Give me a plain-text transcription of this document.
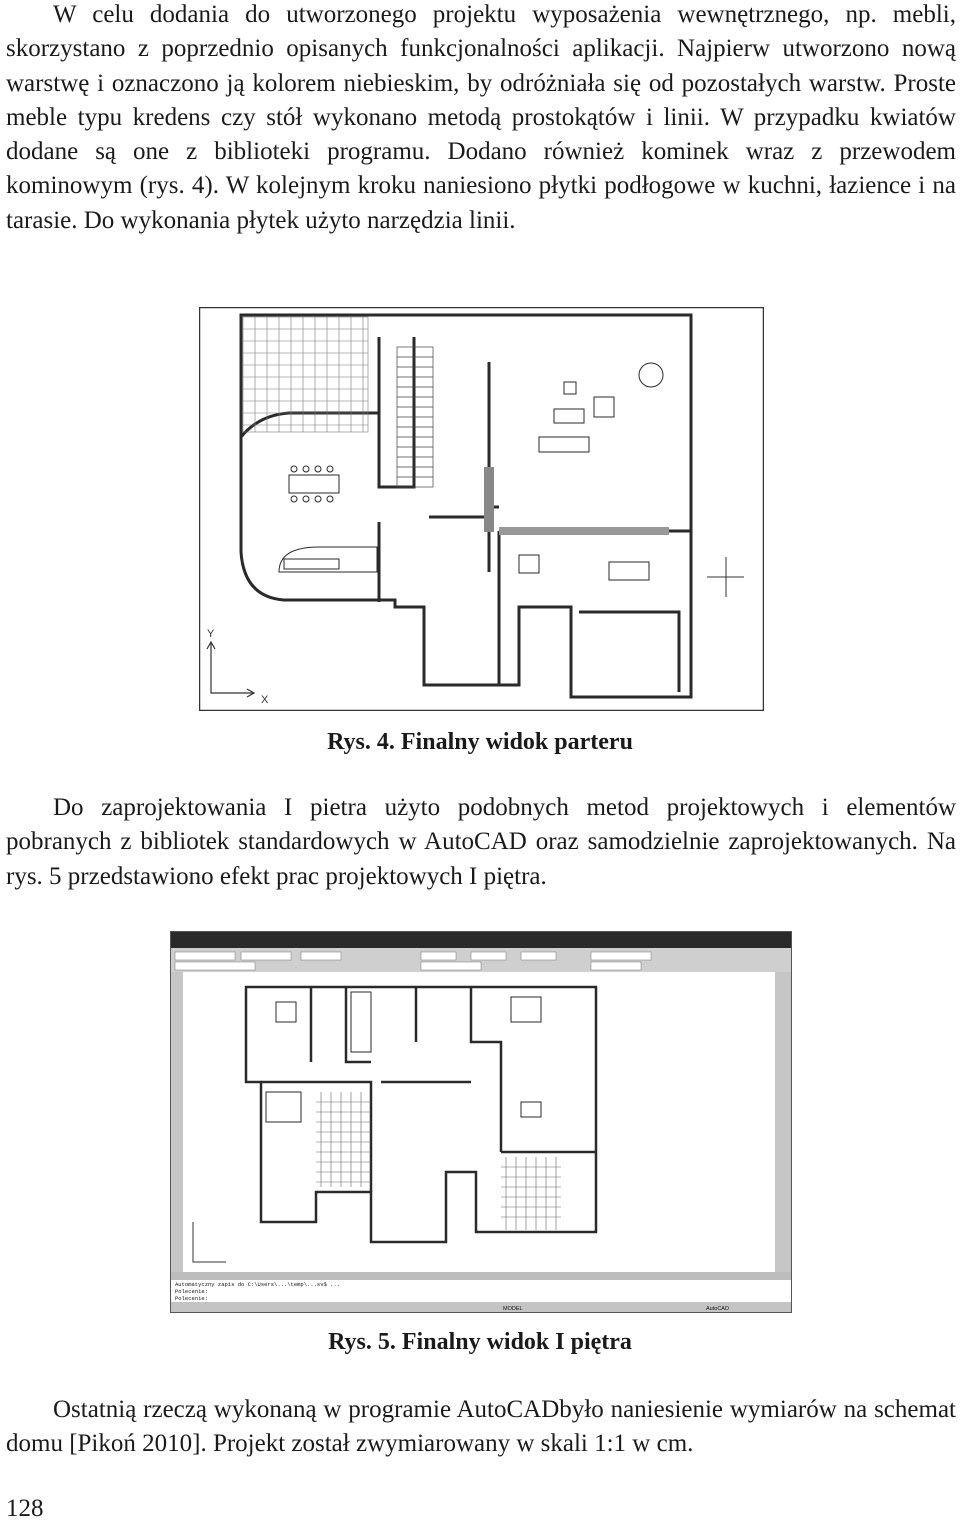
W celu dodania do utworzonego projektu wyposażenia wewnętrznego, np. mebli, skorzystano z poprzednio opisanych funkcjonalności aplikacji. Najpierw utworzono nową warstwę i oznaczono ją kolorem niebieskim, by odróżniała się od pozostałych warstw. Proste meble typu kredens czy stół wykonano metodą prostokątów i linii. W przypadku kwiatów dodane są one z biblioteki programu. Dodano również kominek wraz z przewodem kominowym (rys. 4). W kolejnym kroku naniesiono płytki podłogowe w kuchni, łazience i na tarasie. Do wykonania płytek użyto narzędzia linii.

Y
X

Rys. 4. Finalny widok parteru

Do zaprojektowania I pietra użyto podobnych metod projektowych i elementów pobranych z bibliotek standardowych w AutoCAD oraz samodzielnie zaprojektowanych. Na rys. 5 przedstawiono efekt prac projektowych I piętra.

Automatyczny zapis do C:\Users\...\temp\...sv$ ...
Polecenie:
Polecenie:
MODEL	AutoCAD

Rys. 5. Finalny widok I piętra

Ostatnią rzeczą wykonaną w programie AutoCADbyło naniesienie wymiarów na schemat domu [Pikoń 2010]. Projekt został zwymiarowany w skali 1:1 w cm.

128
